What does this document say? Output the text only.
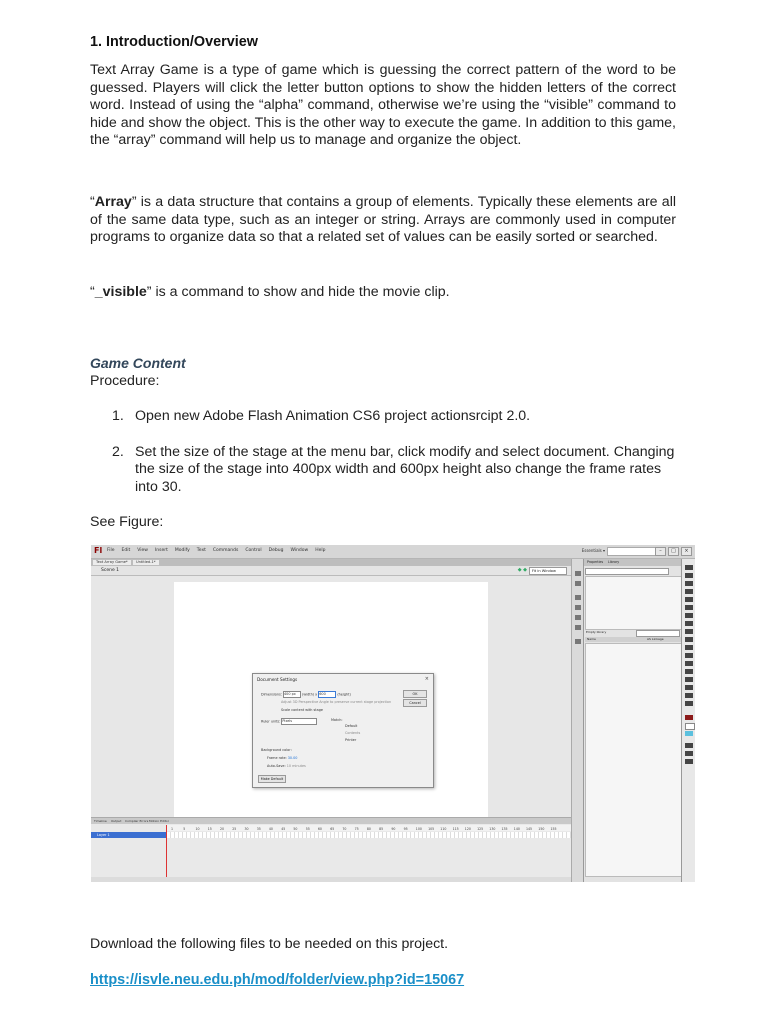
1. Introduction/Overview

Text Array Game is a type of game which is guessing the correct pattern of the word to be guessed. Players will click the letter button options to show the hidden letters of the correct word. Instead of using the “alpha” command, otherwise we’re using the “visible” command to hide and show the object. This is the other way to execute the game. In addition to this game, the “array” command will help us to manage and organize the object.

“Array” is a data structure that contains a group of elements. Typically these elements are all of the same data type, such as an integer or string. Arrays are commonly used in computer programs to organize data so that a related set of values can be easily sorted or searched.

“_visible” is a command to show and hide the movie clip.

Game Content
Procedure:
1. Open new Adobe Flash Animation CS6 project actionsrcipt 2.0.
2. Set the size of the stage at the menu bar, click modify and select document. Changing the size of the stage into 400px width and 600px height also change the frame rates into 30.
See Figure:
Fl File Edit View Insert Modify Text Commands Control Debug Window Help	Essentials ▾	–	□	×
Text Array Game*	Untitled-1*
Scene 1	◆ ◆	Fit in Window
Document Settings	×
Dimensions: 400 px (width) x 600	(height)
Adjust 3D Perspective Angle to preserve current stage projection
Scale content with stage
Ruler units: Pixels	Match:
Default
Contents
Printer
Background color:
Frame rate: 30.00
Auto-Save: 10 minutes
OK
Cancel
Make Default
Timeline Output Compiler Errors Motion Editor
1	5	10	15	20	25	30	35	40	45	50	55	60	65	70	75	80	85	90	95	100 105 110 115 120 125 130 135 140 145 150 155
Layer 1
Properties Library
Empty library
Name	AS Linkage
Download the following files to be needed on this project.
https://isvle.neu.edu.ph/mod/folder/view.php?id=15067
